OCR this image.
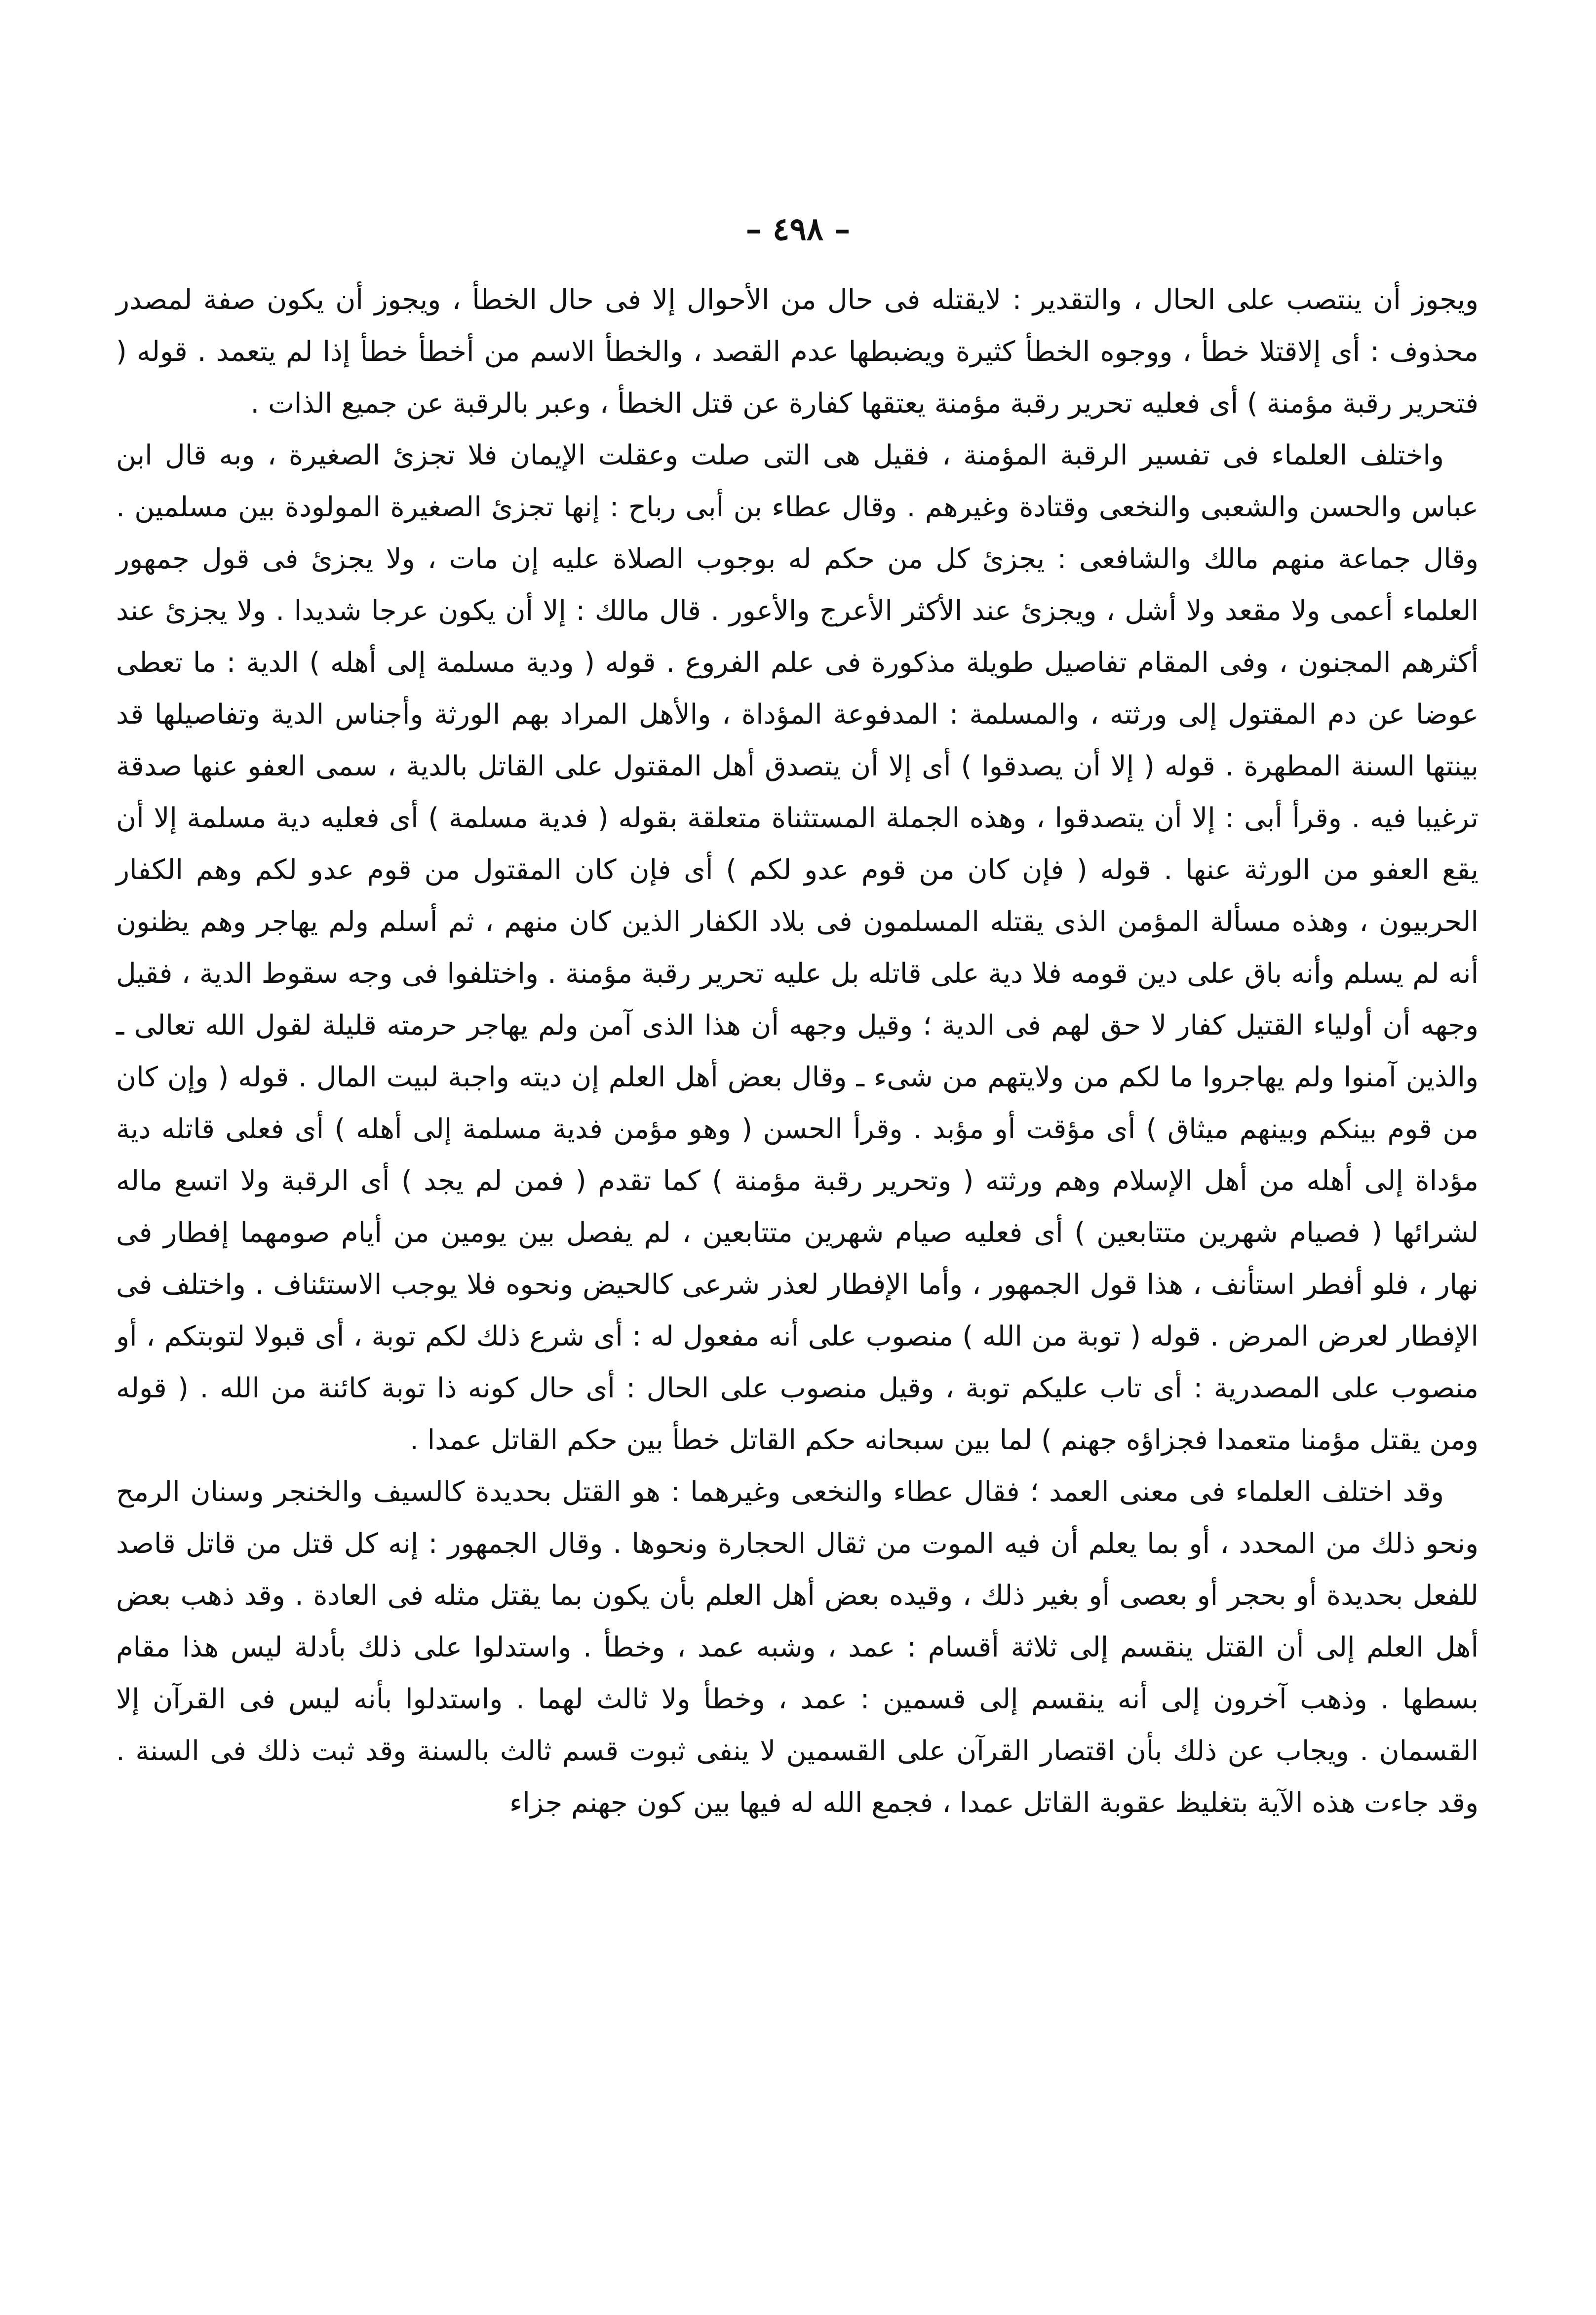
– ٤٩٨ –

ويجوز أن ينتصب على الحال ، والتقدير : لايقتله فى حال من الأحوال إلا فى حال الخطأ ، ويجوز أن يكون صفة لمصدر محذوف : أى إلاقتلا خطأ ، ووجوه الخطأ كثيرة ويضبطها عدم القصد ، والخطأ الاسم من أخطأ خطأ إذا لم يتعمد . قوله ( فتحرير رقبة مؤمنة ) أى فعليه تحرير رقبة مؤمنة يعتقها كفارة عن قتل الخطأ ، وعبر بالرقبة عن جميع الذات .

واختلف العلماء فى تفسير الرقبة المؤمنة ، فقيل هى التى صلت وعقلت الإيمان فلا تجزئ الصغيرة ، وبه قال ابن عباس والحسن والشعبى والنخعى وقتادة وغيرهم . وقال عطاء بن أبى رباح : إنها تجزئ الصغيرة المولودة بين مسلمين . وقال جماعة منهم مالك والشافعى : يجزئ كل من حكم له بوجوب الصلاة عليه إن مات ، ولا يجزئ فى قول جمهور العلماء أعمى ولا مقعد ولا أشل ، ويجزئ عند الأكثر الأعرج والأعور . قال مالك : إلا أن يكون عرجا شديدا . ولا يجزئ عند أكثرهم المجنون ، وفى المقام تفاصيل طويلة مذكورة فى علم الفروع . قوله ( ودية مسلمة إلى أهله ) الدية : ما تعطى عوضا عن دم المقتول إلى ورثته ، والمسلمة : المدفوعة المؤداة ، والأهل المراد بهم الورثة وأجناس الدية وتفاصيلها قد بينتها السنة المطهرة . قوله ( إلا أن يصدقوا ) أى إلا أن يتصدق أهل المقتول على القاتل بالدية ، سمى العفو عنها صدقة ترغيبا فيه . وقرأ أبى : إلا أن يتصدقوا ، وهذه الجملة المستثناة متعلقة بقوله ( فدية مسلمة ) أى فعليه دية مسلمة إلا أن يقع العفو من الورثة عنها . قوله ( فإن كان من قوم عدو لكم ) أى فإن كان المقتول من قوم عدو لكم وهم الكفار الحربيون ، وهذه مسألة المؤمن الذى يقتله المسلمون فى بلاد الكفار الذين كان منهم ، ثم أسلم ولم يهاجر وهم يظنون أنه لم يسلم وأنه باق على دين قومه فلا دية على قاتله بل عليه تحرير رقبة مؤمنة . واختلفوا فى وجه سقوط الدية ، فقيل وجهه أن أولياء القتيل كفار لا حق لهم فى الدية ؛ وقيل وجهه أن هذا الذى آمن ولم يهاجر حرمته قليلة لقول الله تعالى ـ والذين آمنوا ولم يهاجروا ما لكم من ولايتهم من شىء ـ وقال بعض أهل العلم إن ديته واجبة لبيت المال . قوله ( وإن كان من قوم بينكم وبينهم ميثاق ) أى مؤقت أو مؤبد . وقرأ الحسن ( وهو مؤمن فدية مسلمة إلى أهله ) أى فعلى قاتله دية مؤداة إلى أهله من أهل الإسلام وهم ورثته ( وتحرير رقبة مؤمنة ) كما تقدم ( فمن لم يجد ) أى الرقبة ولا اتسع ماله لشرائها ( فصيام شهرين متتابعين ) أى فعليه صيام شهرين متتابعين ، لم يفصل بين يومين من أيام صومهما إفطار فى نهار ، فلو أفطر استأنف ، هذا قول الجمهور ، وأما الإفطار لعذر شرعى كالحيض ونحوه فلا يوجب الاستئناف . واختلف فى الإفطار لعرض المرض . قوله ( توبة من الله ) منصوب على أنه مفعول له : أى شرع ذلك لكم توبة ، أى قبولا لتوبتكم ، أو منصوب على المصدرية : أى تاب عليكم توبة ، وقيل منصوب على الحال : أى حال كونه ذا توبة كائنة من الله . ( قوله ومن يقتل مؤمنا متعمدا فجزاؤه جهنم ) لما بين سبحانه حكم القاتل خطأ بين حكم القاتل عمدا .

وقد اختلف العلماء فى معنى العمد ؛ فقال عطاء والنخعى وغيرهما : هو القتل بحديدة كالسيف والخنجر وسنان الرمح ونحو ذلك من المحدد ، أو بما يعلم أن فيه الموت من ثقال الحجارة ونحوها . وقال الجمهور : إنه كل قتل من قاتل قاصد للفعل بحديدة أو بحجر أو بعصى أو بغير ذلك ، وقيده بعض أهل العلم بأن يكون بما يقتل مثله فى العادة . وقد ذهب بعض أهل العلم إلى أن القتل ينقسم إلى ثلاثة أقسام : عمد ، وشبه عمد ، وخطأ . واستدلوا على ذلك بأدلة ليس هذا مقام بسطها . وذهب آخرون إلى أنه ينقسم إلى قسمين : عمد ، وخطأ ولا ثالث لهما . واستدلوا بأنه ليس فى القرآن إلا القسمان . ويجاب عن ذلك بأن اقتصار القرآن على القسمين لا ينفى ثبوت قسم ثالث بالسنة وقد ثبت ذلك فى السنة . وقد جاءت هذه الآية بتغليظ عقوبة القاتل عمدا ، فجمع الله له فيها بين كون جهنم جزاء
